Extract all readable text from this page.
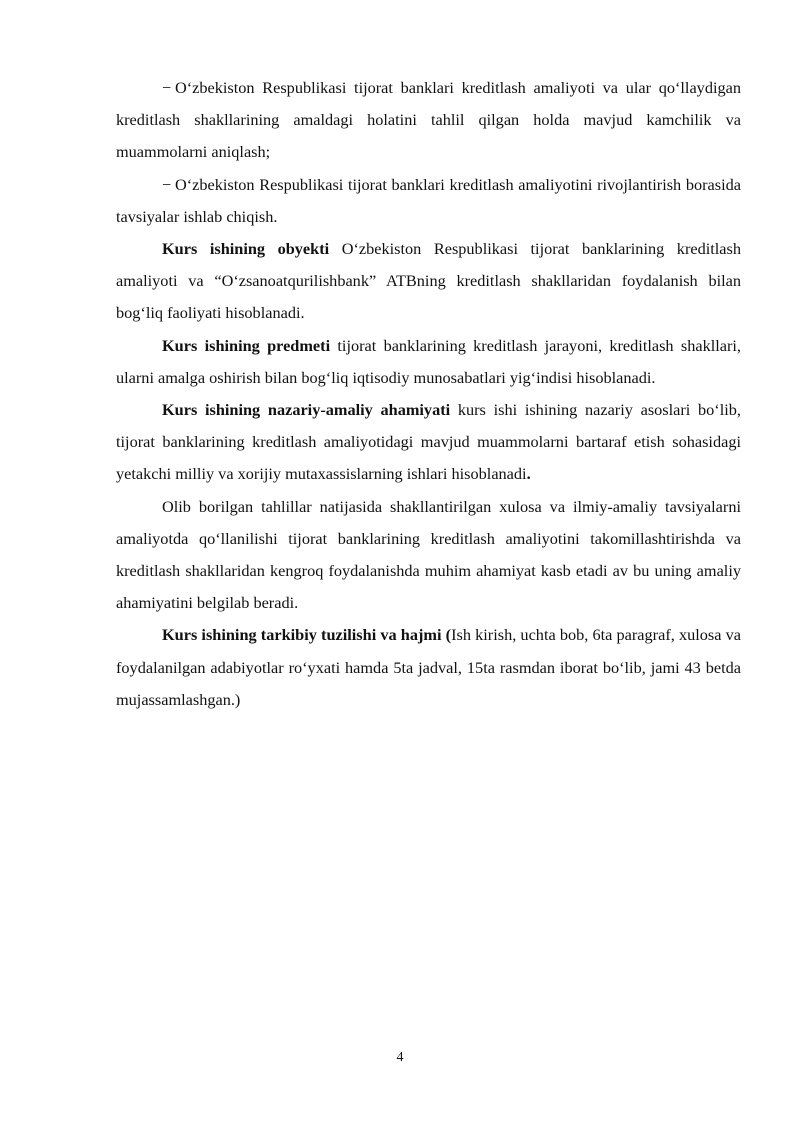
− O‘zbekiston Respublikasi tijorat banklari kreditlash amaliyoti va ular qo‘llaydigan kreditlash shakllarining amaldagi holatini tahlil qilgan holda mavjud kamchilik va muammolarni aniqlash;

− O‘zbekiston Respublikasi tijorat banklari kreditlash amaliyotini rivojlantirish borasida tavsiyalar ishlab chiqish.

Kurs ishining obyekti O‘zbekiston Respublikasi tijorat banklarining kreditlash amaliyoti va “O‘zsanoatqurilishbank” ATBning kreditlash shakllaridan foydalanish bilan bog‘liq faoliyati hisoblanadi.

Kurs ishining predmeti tijorat banklarining kreditlash jarayoni, kreditlash shakllari, ularni amalga oshirish bilan bog‘liq iqtisodiy munosabatlari yig‘indisi hisoblanadi.

Kurs ishining nazariy-amaliy ahamiyati kurs ishi ishining nazariy asoslari bo‘lib, tijorat banklarining kreditlash amaliyotidagi mavjud muammolarni bartaraf etish sohasidagi yetakchi milliy va xorijiy mutaxassislarning ishlari hisoblanadi.

Olib borilgan tahlillar natijasida shakllantirilgan xulosa va ilmiy-amaliy tavsiyalarni amaliyotda qo‘llanilishi tijorat banklarining kreditlash amaliyotini takomillashtirishda va kreditlash shakllaridan kengroq foydalanishda muhim ahamiyat kasb etadi av bu uning amaliy ahamiyatini belgilab beradi.

Kurs ishining tarkibiy tuzilishi va hajmi (Ish kirish, uchta bob, 6ta paragraf, xulosa va foydalanilgan adabiyotlar ro‘yxati hamda 5ta jadval, 15ta rasmdan iborat bo‘lib, jami 43 betda mujassamlashgan.)

4
